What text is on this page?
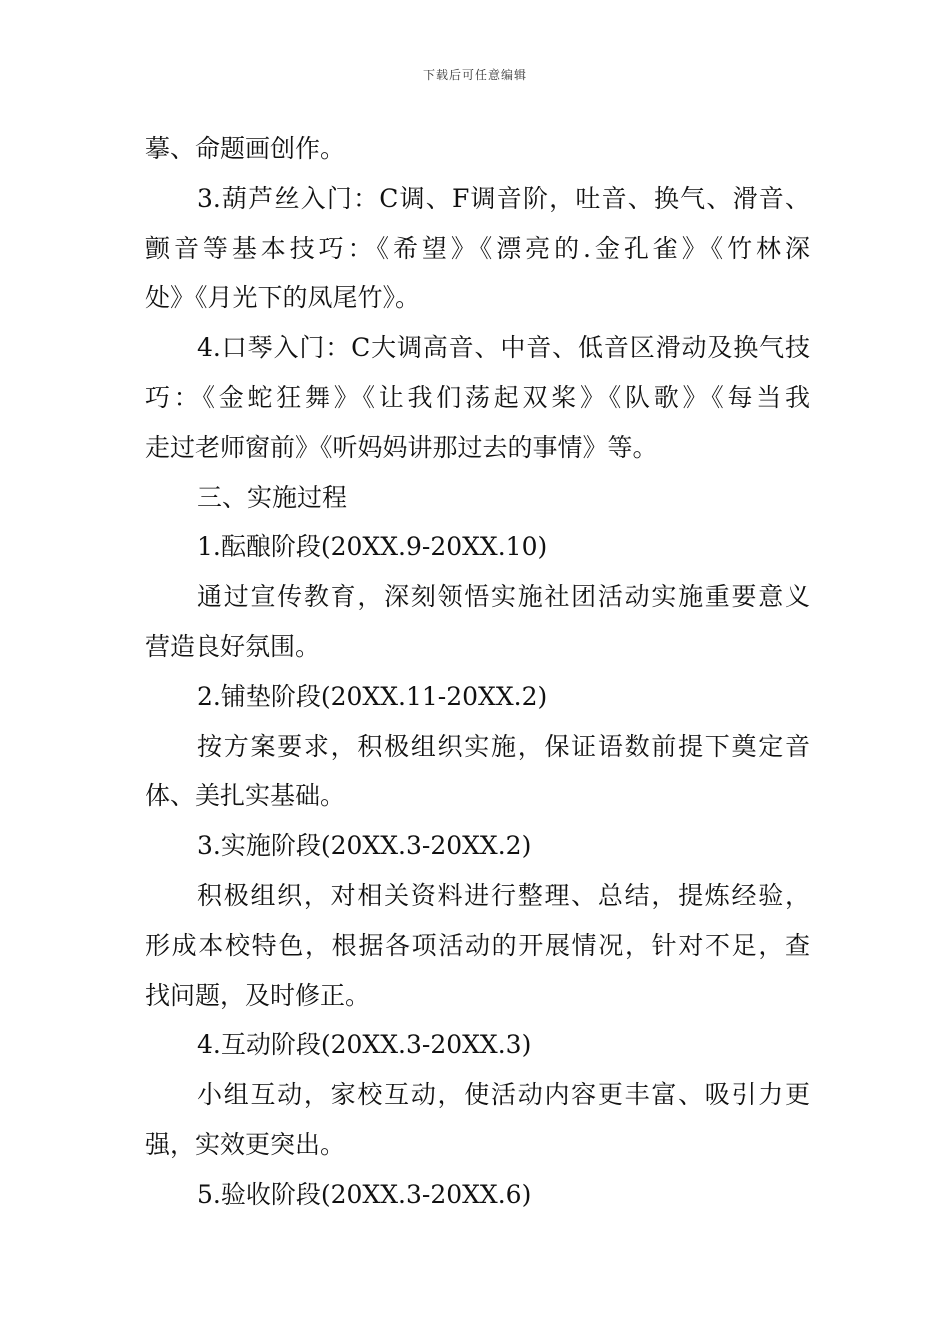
下载后可任意编辑
摹、命题画创作。
3.葫芦丝入门：C调、F调音阶，吐音、换气、滑音、
颤音等基本技巧：《希望》《漂亮的.金孔雀》《竹林深
处》《月光下的凤尾竹》。
4.口琴入门：C大调高音、中音、低音区滑动及换气技
巧：《金蛇狂舞》《让我们荡起双桨》《队歌》《每当我
走过老师窗前》《听妈妈讲那过去的事情》等。
三、实施过程
1.酝酿阶段(20XX.9-20XX.10)
通过宣传教育，深刻领悟实施社团活动实施重要意义
营造良好氛围。
2.铺垫阶段(20XX.11-20XX.2)
按方案要求，积极组织实施，保证语数前提下奠定音
体、美扎实基础。
3.实施阶段(20XX.3-20XX.2)
积极组织，对相关资料进行整理、总结，提炼经验，
形成本校特色，根据各项活动的开展情况，针对不足，查
找问题，及时修正。
4.互动阶段(20XX.3-20XX.3)
小组互动，家校互动，使活动内容更丰富、吸引力更
强，实效更突出。
5.验收阶段(20XX.3-20XX.6)
